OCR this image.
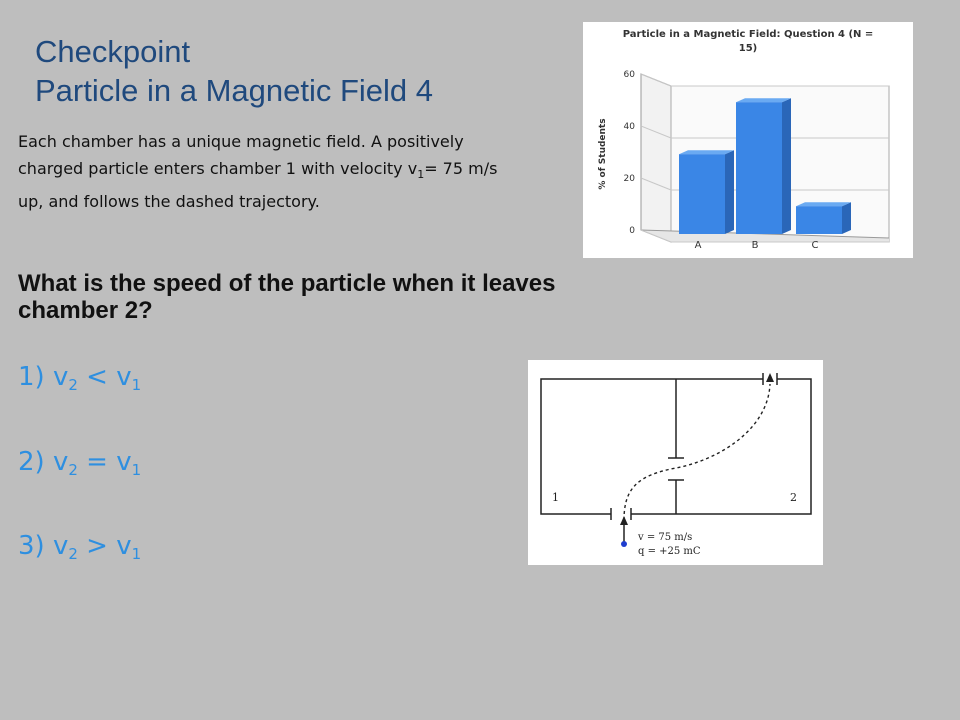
Checkpoint
Particle in a Magnetic Field 4
Each chamber has a unique magnetic field. A positively charged particle enters chamber 1 with velocity $v_1= 75$ m/s up, and follows the dashed trajectory.
What is the speed of the particle when it leaves chamber 2?
1) $v_2 < v_1$
2) $v_2 = v_1$
3) $v_2 > v_1$
Particle in a Magnetic Field: Question 4 (N =
15)
0
20
40
60
A	B	C
% of Students
1	2
v = 75 m/s
q = +25 mC
